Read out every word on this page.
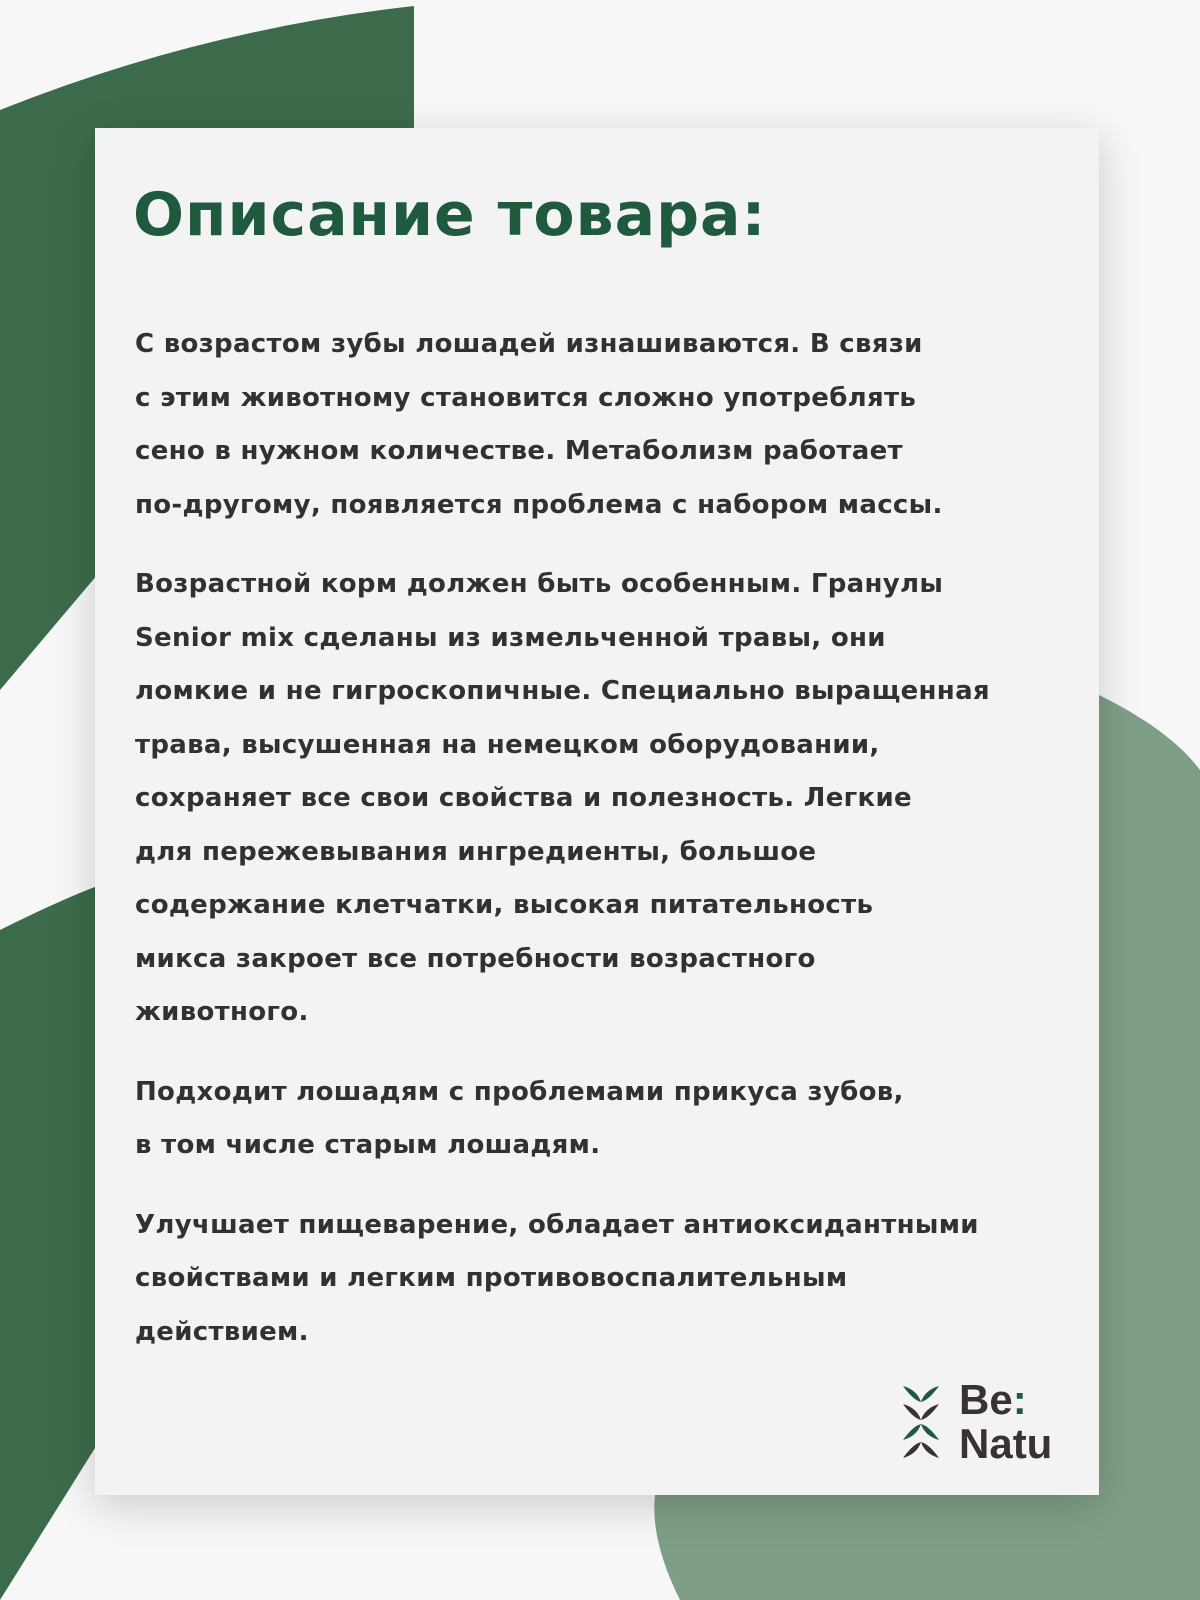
Описание товара:

С возрастом зубы лошадей изнашиваются. В связи
с этим животному становится сложно употреблять
сено в нужном количестве. Метаболизм работает
по-другому, появляется проблема с набором массы.

Возрастной корм должен быть особенным. Гранулы
Senior mix сделаны из измельченной травы, они
ломкие и не гигроскопичные. Специально выращенная
трава, высушенная на немецком оборудовании,
сохраняет все свои свойства и полезность. Легкие
для пережевывания ингредиенты, большое
содержание клетчатки, высокая питательность
микса закроет все потребности возрастного
животного.

Подходит лошадям с проблемами прикуса зубов,
в том числе старым лошадям.

Улучшает пищеварение, обладает антиоксидантными
свойствами и легким противовоспалительным
действием.

Be:
Natu
